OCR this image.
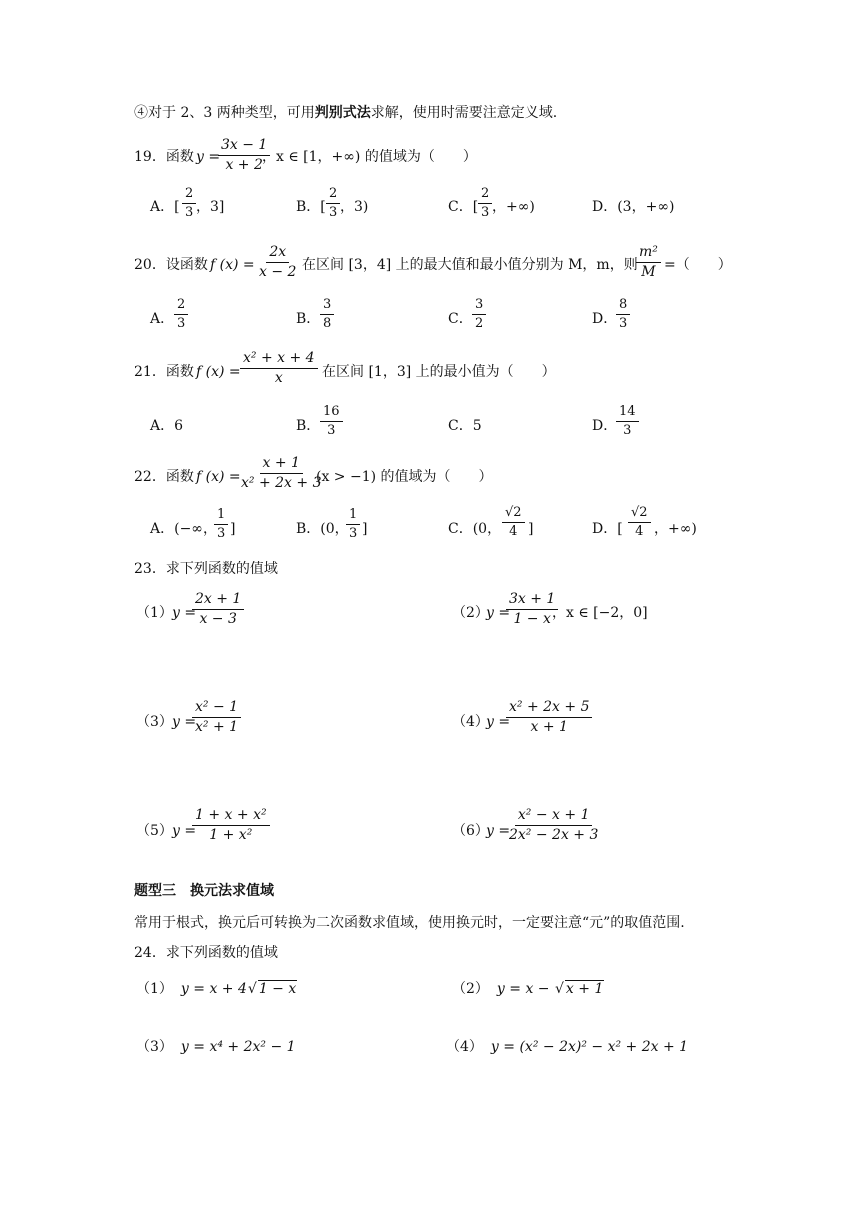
④对于 2、3 两种类型，可用判别式法求解，使用时需要注意定义域.
19．函数 y =
$\frac{3x - 1}{x + 2}$
，x ∈ [1，+∞) 的值域为（　　）
A．[ $\frac{2}{3}$ ，3]	B．[ $\frac{2}{3}$ ，3)	C．[ $\frac{2}{3}$ ，+∞)	D．(3，+∞)
20．设函数 f $(x) = \frac{2x}{x - 2}$ 在区间 [3，4] 上的最大值和最小值分别为 M，m，则
$\frac{\text{m²}}{M}$ =（　　）
A． $\frac{2}{3}$	B． $\frac{3}{8}$	C． $\frac{3}{2}$	D．
$\frac{8}{3}$
21．函数 f $(x) = \frac{\text{x² + x + 4}}{x}$ 在区间 [1，3] 上的最小值为（　　）
A．6	B． $\frac{16}{3}$	C．5	D．
$\frac{14}{3}$
22．函数 f (x) =
$\frac{x + 1}{\text{x² + 2x + 3}}$
(x > −1) 的值域为（　　）
A．(−∞，
$\frac{1}{3}$ ]	B．(0，
$\frac{1}{3}$ ]	C．(0， $\frac{√2}{4}$ ]	D．[ $\frac{√2}{4}$ ，+∞)
23．求下列函数的值域
（1） y =
$\frac{2x + 1}{x - 3}$	（2）
y =
$\frac{3x + 1}{1 - x}$
，x ∈ [−2，0]
（3） y =
$\frac{\text{x² − 1}}{\text{x² + 1}}$	（4）
y =
$\frac{\text{x² + 2x + 5}}{x + 1}$
（5） y =
$\frac{\text{1 + x + x²}}{\text{1 + x²}}$	（6）
y =
$\frac{\text{x² − x + 1}}{\text{2x² − 2x + 3}}$
题型三　换元法求值域
常用于根式，换元后可转换为二次函数求值域，使用换元时，一定要注意“元”的取值范围.
24．求下列函数的值域
（1） y = x + 4√ 1 − x	（2） y = x − √ x + 1
（3） y = x⁴ + 2x² − 1	（4） y = (x² − 2x)² − x² + 2x + 1
